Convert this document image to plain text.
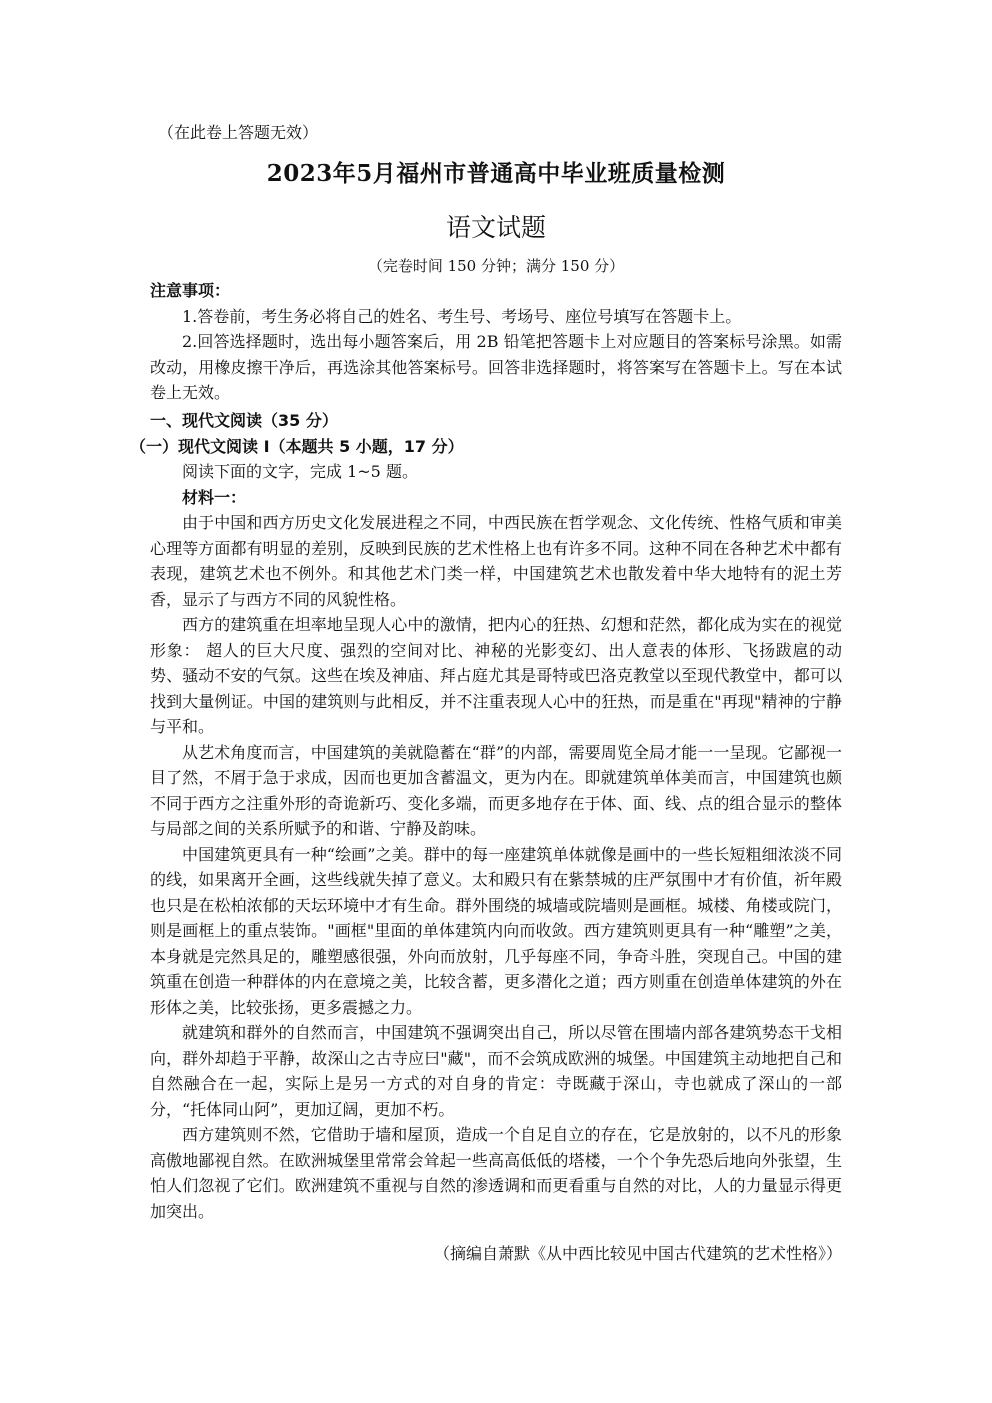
（在此卷上答题无效）
2023年5月福州市普通高中毕业班质量检测
语文试题
（完卷时间 150 分钟；满分 150 分）

注意事项：

1.答卷前，考生务必将自己的姓名、考生号、考场号、座位号填写在答题卡上。

2.回答选择题时，选出每小题答案后，用 2B 铅笔把答题卡上对应题目的答案标号涂黑。如需改动，用橡皮擦干净后，再选涂其他答案标号。回答非选择题时，将答案写在答题卡上。写在本试卷上无效。

一、现代文阅读（35 分）

（一）现代文阅读 I（本题共 5 小题，17 分）

阅读下面的文字，完成 1~5 题。

材料一：

由于中国和西方历史文化发展进程之不同，中西民族在哲学观念、文化传统、性格气质和审美心理等方面都有明显的差别，反映到民族的艺术性格上也有许多不同。这种不同在各种艺术中都有表现，建筑艺术也不例外。和其他艺术门类一样，中国建筑艺术也散发着中华大地特有的泥土芳香，显示了与西方不同的风貌性格。

西方的建筑重在坦率地呈现人心中的激情，把内心的狂热、幻想和茫然，都化成为实在的视觉形象： 超人的巨大尺度、强烈的空间对比、神秘的光影变幻、出人意表的体形、飞扬跋扈的动势、骚动不安的气氛。这些在埃及神庙、拜占庭尤其是哥特或巴洛克教堂以至现代教堂中，都可以找到大量例证。中国的建筑则与此相反，并不注重表现人心中的狂热，而是重在"再现"精神的宁静与平和。

从艺术角度而言，中国建筑的美就隐蓄在“群”的内部，需要周览全局才能一一呈现。它鄙视一目了然，不屑于急于求成，因而也更加含蓄温文，更为内在。即就建筑单体美而言，中国建筑也颇不同于西方之注重外形的奇诡新巧、变化多端，而更多地存在于体、面、线、点的组合显示的整体与局部之间的关系所赋予的和谐、宁静及韵味。

中国建筑更具有一种“绘画”之美。群中的每一座建筑单体就像是画中的一些长短粗细浓淡不同的线，如果离开全画，这些线就失掉了意义。太和殿只有在紫禁城的庄严氛围中才有价值，祈年殿也只是在松柏浓郁的天坛环境中才有生命。群外围绕的城墙或院墙则是画框。城楼、角楼或院门，则是画框上的重点装饰。"画框"里面的单体建筑内向而收敛。西方建筑则更具有一种“雕塑”之美，本身就是完然具足的，雕塑感很强，外向而放射，几乎每座不同，争奇斗胜，突现自己。中国的建筑重在创造一种群体的内在意境之美，比较含蓄，更多潜化之道；西方则重在创造单体建筑的外在形体之美，比较张扬，更多震撼之力。

就建筑和群外的自然而言，中国建筑不强调突出自己，所以尽管在围墙内部各建筑势态干戈相向，群外却趋于平静，故深山之古寺应曰"藏"，而不会筑成欧洲的城堡。中国建筑主动地把自己和自然融合在一起，实际上是另一方式的对自身的肯定：寺既藏于深山，寺也就成了深山的一部分，“托体同山阿”，更加辽阔，更加不朽。

西方建筑则不然，它借助于墙和屋顶，造成一个自足自立的存在，它是放射的，以不凡的形象高傲地鄙视自然。在欧洲城堡里常常会耸起一些高高低低的塔楼，一个个争先恐后地向外张望，生怕人们忽视了它们。欧洲建筑不重视与自然的渗透调和而更看重与自然的对比，人的力量显示得更加突出。

（摘编自萧默《从中西比较见中国古代建筑的艺术性格》）
